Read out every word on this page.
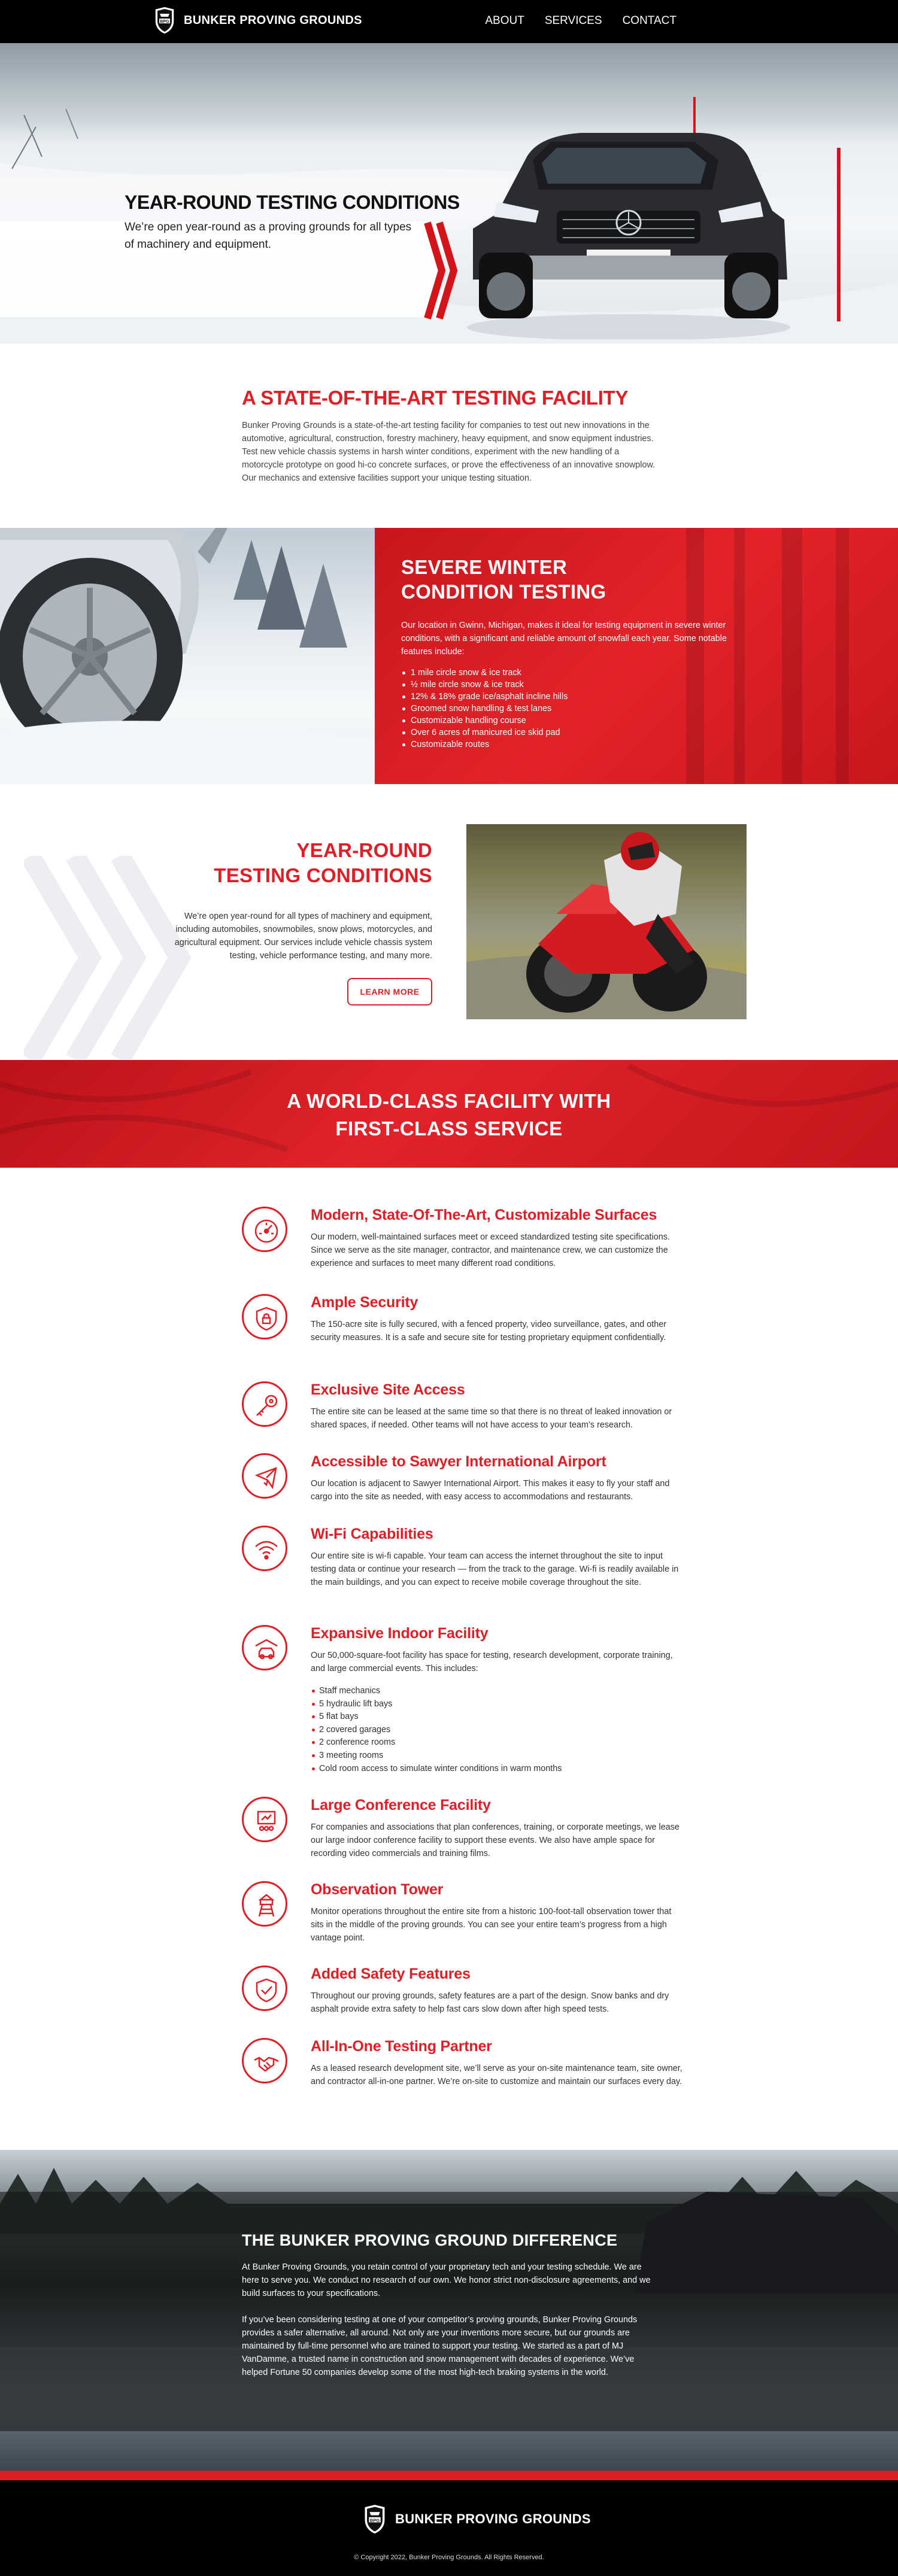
BPG BUNKER PROVING GROUNDS	ABOUT SERVICES CONTACT
YEAR-ROUND TESTING CONDITIONS
We’re open year-round as a proving grounds for all types of machinery and equipment.
A STATE-OF-THE-ART TESTING FACILITY
Bunker Proving Grounds is a state-of-the-art testing facility for companies to test out new innovations in the automotive, agricultural, construction, forestry machinery, heavy equipment, and snow equipment industries. Test new vehicle chassis systems in harsh winter conditions, experiment with the new handling of a motorcycle prototype on good hi-co concrete surfaces, or prove the effectiveness of an innovative snowplow. Our mechanics and extensive facilities support your unique testing situation.
SEVERE WINTER CONDITION TESTING
Our location in Gwinn, Michigan, makes it ideal for testing equipment in severe winter conditions, with a significant and reliable amount of snowfall each year. Some notable features include:
1 mile circle snow & ice track
½ mile circle snow & ice track
12% & 18% grade ice/asphalt incline hills
Groomed snow handling & test lanes
Customizable handling course
Over 6 acres of manicured ice skid pad
Customizable routes
YEAR-ROUND
TESTING CONDITIONS
We’re open year-round for all types of machinery and equipment, including automobiles, snowmobiles, snow plows, motorcycles, and agricultural equipment. Our services include vehicle chassis system testing, vehicle performance testing, and many more.
LEARN MORE
A WORLD-CLASS FACILITY WITH
FIRST-CLASS SERVICE
Modern, State-Of-The-Art, Customizable Surfaces
Our modern, well-maintained surfaces meet or exceed standardized testing site specifications. Since we serve as the site manager, contractor, and maintenance crew, we can customize the experience and surfaces to meet many different road conditions.
Ample Security
The 150-acre site is fully secured, with a fenced property, video surveillance, gates, and other security measures. It is a safe and secure site for testing proprietary equipment confidentially.
Exclusive Site Access
The entire site can be leased at the same time so that there is no threat of leaked innovation or shared spaces, if needed. Other teams will not have access to your team’s research.
Accessible to Sawyer International Airport
Our location is adjacent to Sawyer International Airport. This makes it easy to fly your staff and cargo into the site as needed, with easy access to accommodations and restaurants.
Wi-Fi Capabilities
Our entire site is wi-fi capable. Your team can access the internet throughout the site to input testing data or continue your research — from the track to the garage. Wi-fi is readily available in the main buildings, and you can expect to receive mobile coverage throughout the site.
Expansive Indoor Facility
Our 50,000-square-foot facility has space for testing, research development, corporate training, and large commercial events. This includes:
Staff mechanics
5 hydraulic lift bays
5 flat bays
2 covered garages
2 conference rooms
3 meeting rooms
Cold room access to simulate winter conditions in warm months
Large Conference Facility
For companies and associations that plan conferences, training, or corporate meetings, we lease our large indoor conference facility to support these events. We also have ample space for recording video commercials and training films.
Observation Tower
Monitor operations throughout the entire site from a historic 100-foot-tall observation tower that sits in the middle of the proving grounds. You can see your entire team’s progress from a high vantage point.
Added Safety Features
Throughout our proving grounds, safety features are a part of the design. Snow banks and dry asphalt provide extra safety to help fast cars slow down after high speed tests.
All-In-One Testing Partner
As a leased research development site, we’ll serve as your on-site maintenance team, site owner, and contractor all-in-one partner. We’re on-site to customize and maintain our surfaces every day.
THE BUNKER PROVING GROUND DIFFERENCE
At Bunker Proving Grounds, you retain control of your proprietary tech and your testing schedule. We are here to serve you. We conduct no research of our own. We honor strict non-disclosure agreements, and we build surfaces to your specifications.
If you’ve been considering testing at one of your competitor’s proving grounds, Bunker Proving Grounds provides a safer alternative, all around. Not only are your inventions more secure, but our grounds are maintained by full-time personnel who are trained to support your testing. We started as a part of MJ VanDamme, a trusted name in construction and snow management with decades of experience. We’ve helped Fortune 50 companies develop some of the most high-tech braking systems in the world.
BPG BUNKER PROVING GROUNDS
© Copyright 2022, Bunker Proving Grounds. All Rights Reserved.
